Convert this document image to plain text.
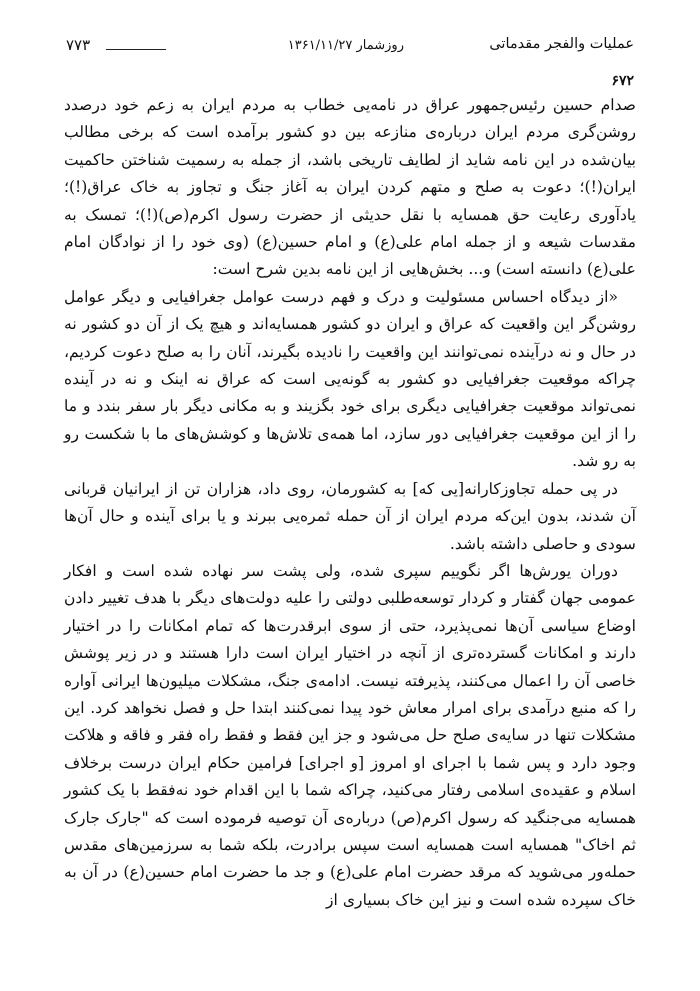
عملیات والفجر مقدماتی
روزشمار ۱۳۶۱/۱۱/۲۷
۷۷۳
۶۷۲

صدام حسین رئیس‌جمهور عراق در نامه‌یی خطاب به مردم ایران به زعم خود درصدد روشن‌گری مردم ایران درباره‌ی منازعه بین دو کشور برآمده است که برخی مطالب بیان‌شده در این نامه شاید از لطایف تاریخی باشد، از جمله به رسمیت شناختن حاکمیت ایران(!)؛ دعوت به صلح و متهم کردن ایران به آغاز جنگ و تجاوز به خاک عراق(!)؛ یادآوری رعایت حق همسایه با نقل حدیثی از حضرت رسول اکرم(ص)(!)؛ تمسک به مقدسات شیعه و از جمله امام علی(ع) و امام حسین(ع) (وی خود را از نوادگان امام علی(ع) دانسته است) و... بخش‌هایی از این نامه بدین شرح است:

«از دیدگاه احساس مسئولیت و درک و فهم درست عوامل جغرافیایی و دیگر عوامل روشن‌گر این واقعیت که عراق و ایران دو کشور همسایه‌اند و هیچ یک از آن دو کشور نه در حال و نه درآینده نمی‌توانند این واقعیت را نادیده بگیرند، آنان را به صلح دعوت کردیم، چراکه موقعیت جغرافیایی دو کشور به گونه‌یی است که عراق نه اینک و نه در آینده نمی‌تواند موقعیت جغرافیایی دیگری برای خود بگزیند و به مکانی دیگر بار سفر بندد و ما را از این موقعیت جغرافیایی دور سازد، اما همه‌ی تلاش‌ها و کوشش‌های ما با شکست رو به رو شد.

در پی حمله تجاوزکارانه[یی که] به کشورمان، روی داد، هزاران تن از ایرانیان قربانی آن شدند، بدون این‌که مردم ایران از آن حمله ثمره‌یی ببرند و یا برای آینده و حال آن‌ها سودی و حاصلی داشته باشد.

دوران یورش‌ها اگر نگوییم سپری شده، ولی پشت سر نهاده شده است و افکار عمومی جهان گفتار و کردار توسعه‌طلبی دولتی را علیه دولت‌های دیگر با هدف تغییر دادن اوضاع سیاسی آن‌ها نمی‌پذیرد، حتی از سوی ابرقدرت‌ها که تمام امکانات را در اختیار دارند و امکانات گسترده‌تری از آنچه در اختیار ایران است دارا هستند و در زیر پوشش خاصی آن را اعمال می‌کنند، پذیرفته نیست. ادامه‌ی جنگ، مشکلات میلیون‌ها ایرانی آواره را که منبع درآمدی برای امرار معاش خود پیدا نمی‌کنند ابتدا حل و فصل نخواهد کرد. این مشکلات تنها در سایه‌ی صلح حل می‌شود و جز این فقط و فقط راه فقر و فاقه و هلاکت وجود دارد و پس شما با اجرای او امروز [و اجرای] فرامین حکام ایران درست برخلاف اسلام و عقیده‌ی اسلامی رفتار می‌کنید، چراکه شما با این اقدام خود نه‌فقط با یک کشور همسایه می‌جنگید که رسول اکرم(ص) درباره‌ی آن توصیه فرموده است که "جارک جارک ثم اخاک" همسایه است همسایه است سپس برادرت، بلکه شما به سرزمین‌های مقدس حمله‌ور می‌شوید که مرقد حضرت امام علی(ع) و جد ما حضرت امام حسین(ع) در آن به خاک سپرده شده است و نیز این خاک بسیاری از
